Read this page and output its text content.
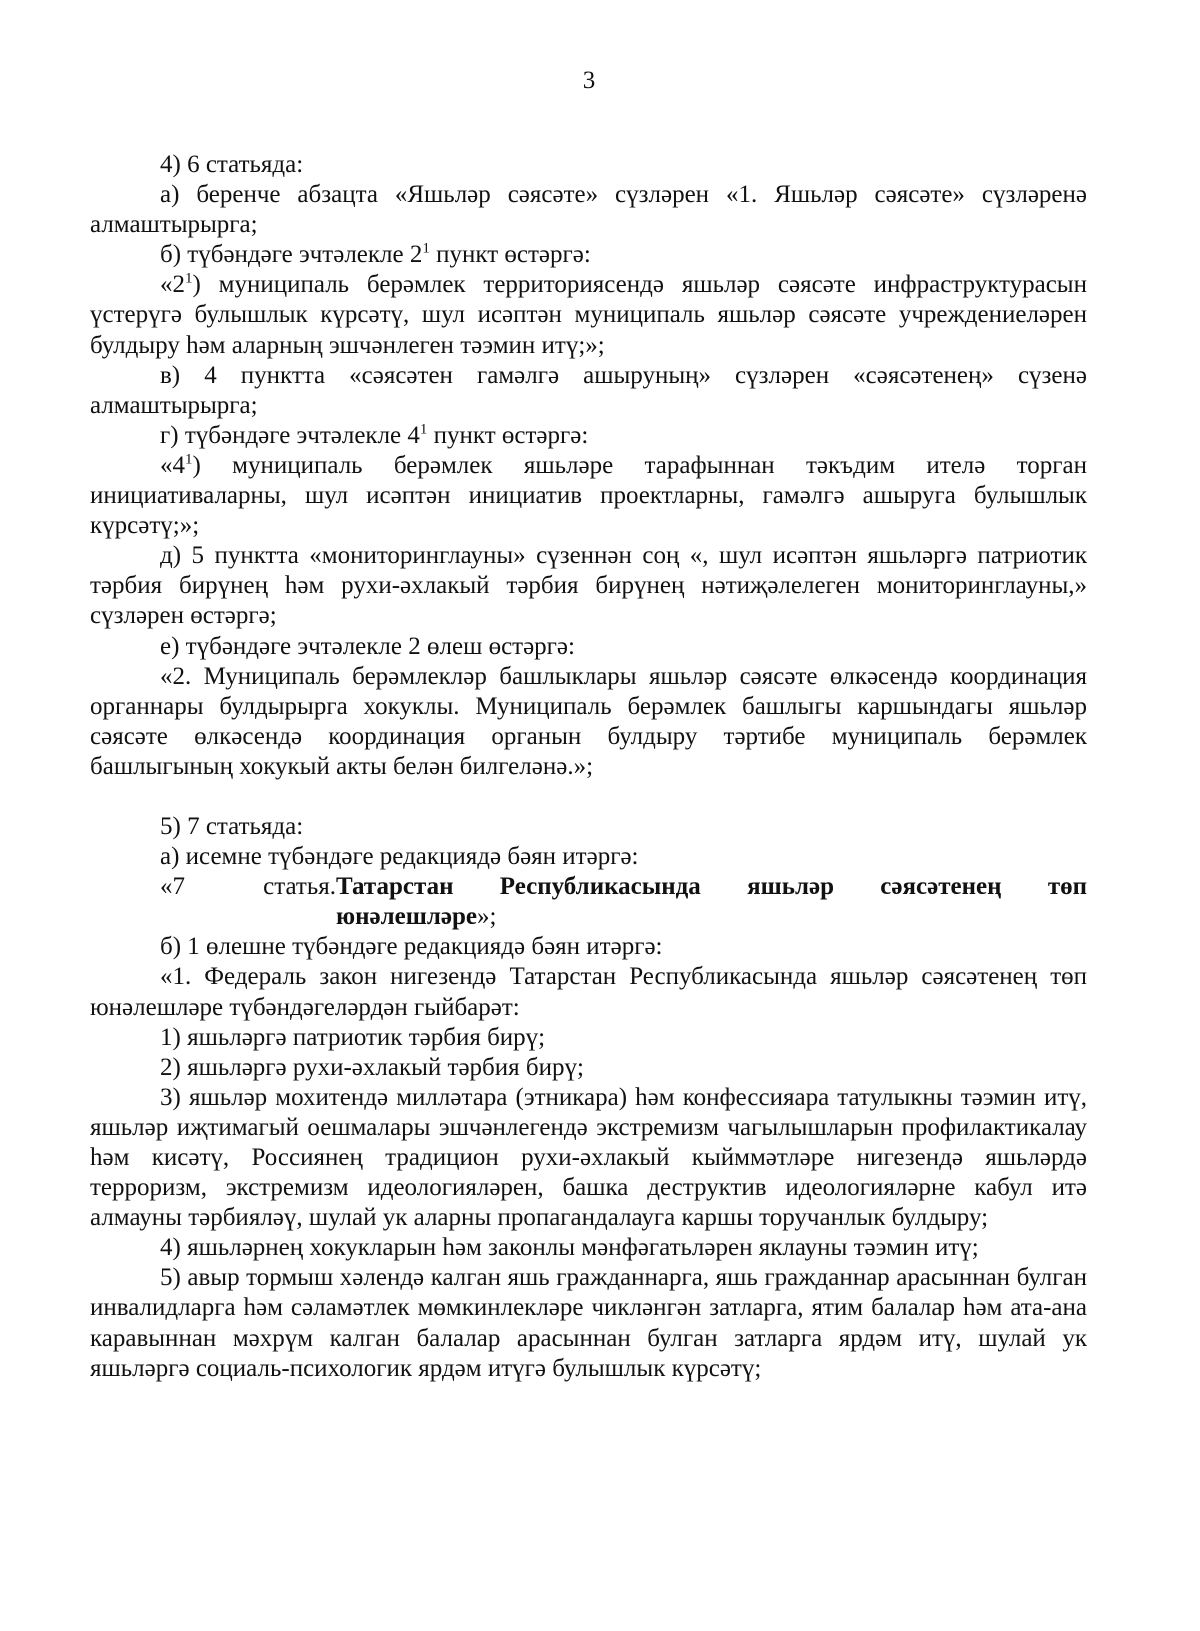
3

4) 6 статьяда:

а) беренче абзацта «Яшьләр сәясәте» сүзләрен «1. Яшьләр сәясәте» сүзләренә алмаштырырга;

б) түбәндәге эчтәлекле $2^1$ пункт өстәргә:

«$2^1$) муниципаль берәмлек территориясендә яшьләр сәясәте инфраструктурасын үстерүгә булышлык күрсәтү, шул исәптән муниципаль яшьләр сәясәте учреждениеләрен булдыру һәм аларның эшчәнлеген тәэмин итү;»;

в) 4 пунктта «сәясәтен гамәлгә ашыруның» сүзләрен «сәясәтенең» сүзенә алмаштырырга;

г) түбәндәге эчтәлекле $4^1$ пункт өстәргә:

«$4^1$) муниципаль берәмлек яшьләре тарафыннан тәкъдим ителә торган инициативаларны, шул исәптән инициатив проектларны, гамәлгә ашыруга булышлык күрсәтү;»;

д) 5 пунктта «мониторинглауны» сүзеннән соң «, шул исәптән яшьләргә патриотик тәрбия бирүнең һәм рухи-әхлакый тәрбия бирүнең нәтиҗәлелеген мониторинглауны,» сүзләрен өстәргә;

е) түбәндәге эчтәлекле 2 өлеш өстәргә:

«2. Муниципаль берәмлекләр башлыклары яшьләр сәясәте өлкәсендә координация органнары булдырырга хокуклы. Муниципаль берәмлек башлыгы каршындагы яшьләр сәясәте өлкәсендә координация органын булдыру тәртибе муниципаль берәмлек башлыгының хокукый акты белән билгеләнә.»;

5) 7 статьяда:

а) исемне түбәндәге редакциядә бәян итәргә:

«7	статья. Татарстан Республикасында яшьләр сәясәтенең төп

юнәлешләре»;

б) 1 өлешне түбәндәге редакциядә бәян итәргә:

«1. Федераль закон нигезендә Татарстан Республикасында яшьләр сәясәтенең төп юнәлешләре түбәндәгеләрдән гыйбарәт:

1) яшьләргә патриотик тәрбия бирү;

2) яшьләргә рухи-әхлакый тәрбия бирү;

3) яшьләр мохитендә милләтара (этникара) һәм конфессияара татулыкны тәэмин итү, яшьләр иҗтимагый оешмалары эшчәнлегендә экстремизм чагылышларын профилактикалау һәм кисәтү, Россиянең традицион рухи-әхлакый кыйммәтләре нигезендә яшьләрдә терроризм, экстремизм идеологияләрен, башка деструктив идеологияләрне кабул итә алмауны тәрбияләү, шулай ук аларны пропагандалауга каршы торучанлык булдыру;

4) яшьләрнең хокукларын һәм законлы мәнфәгатьләрен яклауны тәэмин итү;

5) авыр тормыш хәлендә калган яшь гражданнарга, яшь гражданнар арасыннан булган инвалидларга һәм сәламәтлек мөмкинлекләре чикләнгән затларга, ятим балалар һәм ата-ана каравыннан мәхрүм калган балалар арасыннан булган затларга ярдәм итү, шулай ук яшьләргә социаль-психологик ярдәм итүгә булышлык күрсәтү;
